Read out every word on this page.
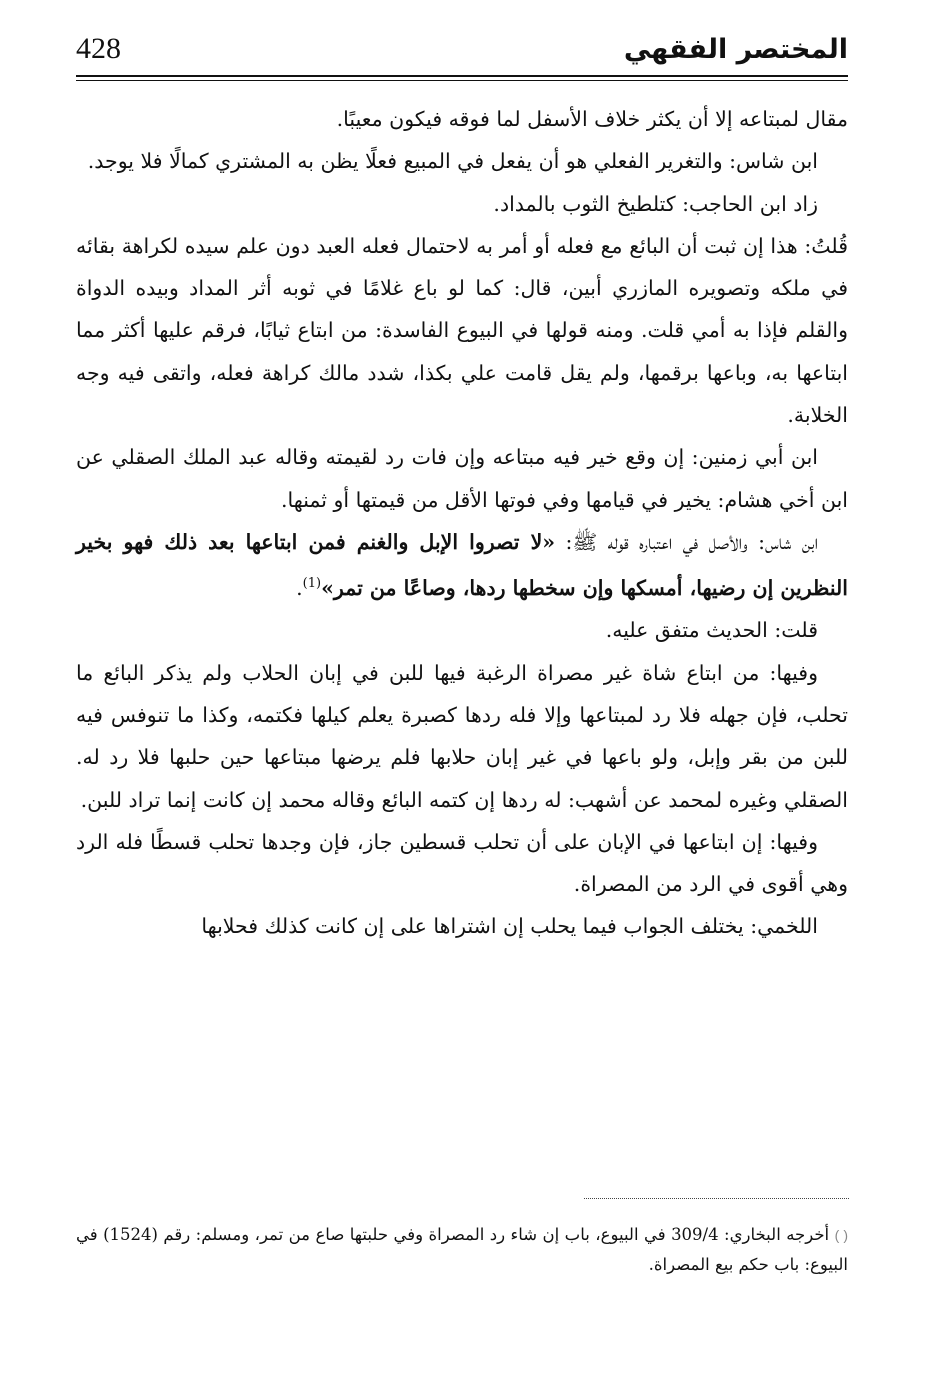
428	المختصر الفقهي

مقال لمبتاعه إلا أن يكثر خلاف الأسفل لما فوقه فيكون معيبًا.

ابن شاس: والتغرير الفعلي هو أن يفعل في المبيع فعلًا يظن به المشتري كمالًا فلا يوجد.

زاد ابن الحاجب: كتلطيخ الثوب بالمداد.

قُلتُ: هذا إن ثبت أن البائع مع فعله أو أمر به لاحتمال فعله العبد دون علم سيده لكراهة بقائه في ملكه وتصويره المازري أبين، قال: كما لو باع غلامًا في ثوبه أثر المداد وبيده الدواة والقلم فإذا به أمي قلت. ومنه قولها في البيوع الفاسدة: من ابتاع ثيابًا، فرقم عليها أكثر مما ابتاعها به، وباعها برقمها، ولم يقل قامت علي بكذا، شدد مالك كراهة فعله، واتقى فيه وجه الخلابة.

ابن أبي زمنين: إن وقع خير فيه مبتاعه وإن فات رد لقيمته وقاله عبد الملك الصقلي عن ابن أخي هشام: يخير في قيامها وفي فوتها الأقل من قيمتها أو ثمنها.

ابن شاس: والأصل في اعتباره قوله ﷺ: «لا تصروا الإبل والغنم فمن ابتاعها بعد ذلك فهو بخير النظرين إن رضيها، أمسكها وإن سخطها ردها، وصاعًا من تمر»$^{(1)}$.

قلت: الحديث متفق عليه.

وفيها: من ابتاع شاة غير مصراة الرغبة فيها للبن في إبان الحلاب ولم يذكر البائع ما تحلب، فإن جهله فلا رد لمبتاعها وإلا فله ردها كصبرة يعلم كيلها فكتمه، وكذا ما تنوفس فيه للبن من بقر وإبل، ولو باعها في غير إبان حلابها فلم يرضها مبتاعها حين حلبها فلا رد له. الصقلي وغيره لمحمد عن أشهب: له ردها إن كتمه البائع وقاله محمد إن كانت إنما تراد للبن.

وفيها: إن ابتاعها في الإبان على أن تحلب قسطين جاز، فإن وجدها تحلب قسطًا فله الرد وهي أقوى في الرد من المصراة.

اللخمي: يختلف الجواب فيما يحلب إن اشتراها على إن كانت كذلك فحلابها

( ) أخرجه البخاري: 309/4 في البيوع، باب إن شاء رد المصراة وفي حلبتها صاع من تمر، ومسلم: رقم (1524) في البيوع: باب حكم بيع المصراة.
